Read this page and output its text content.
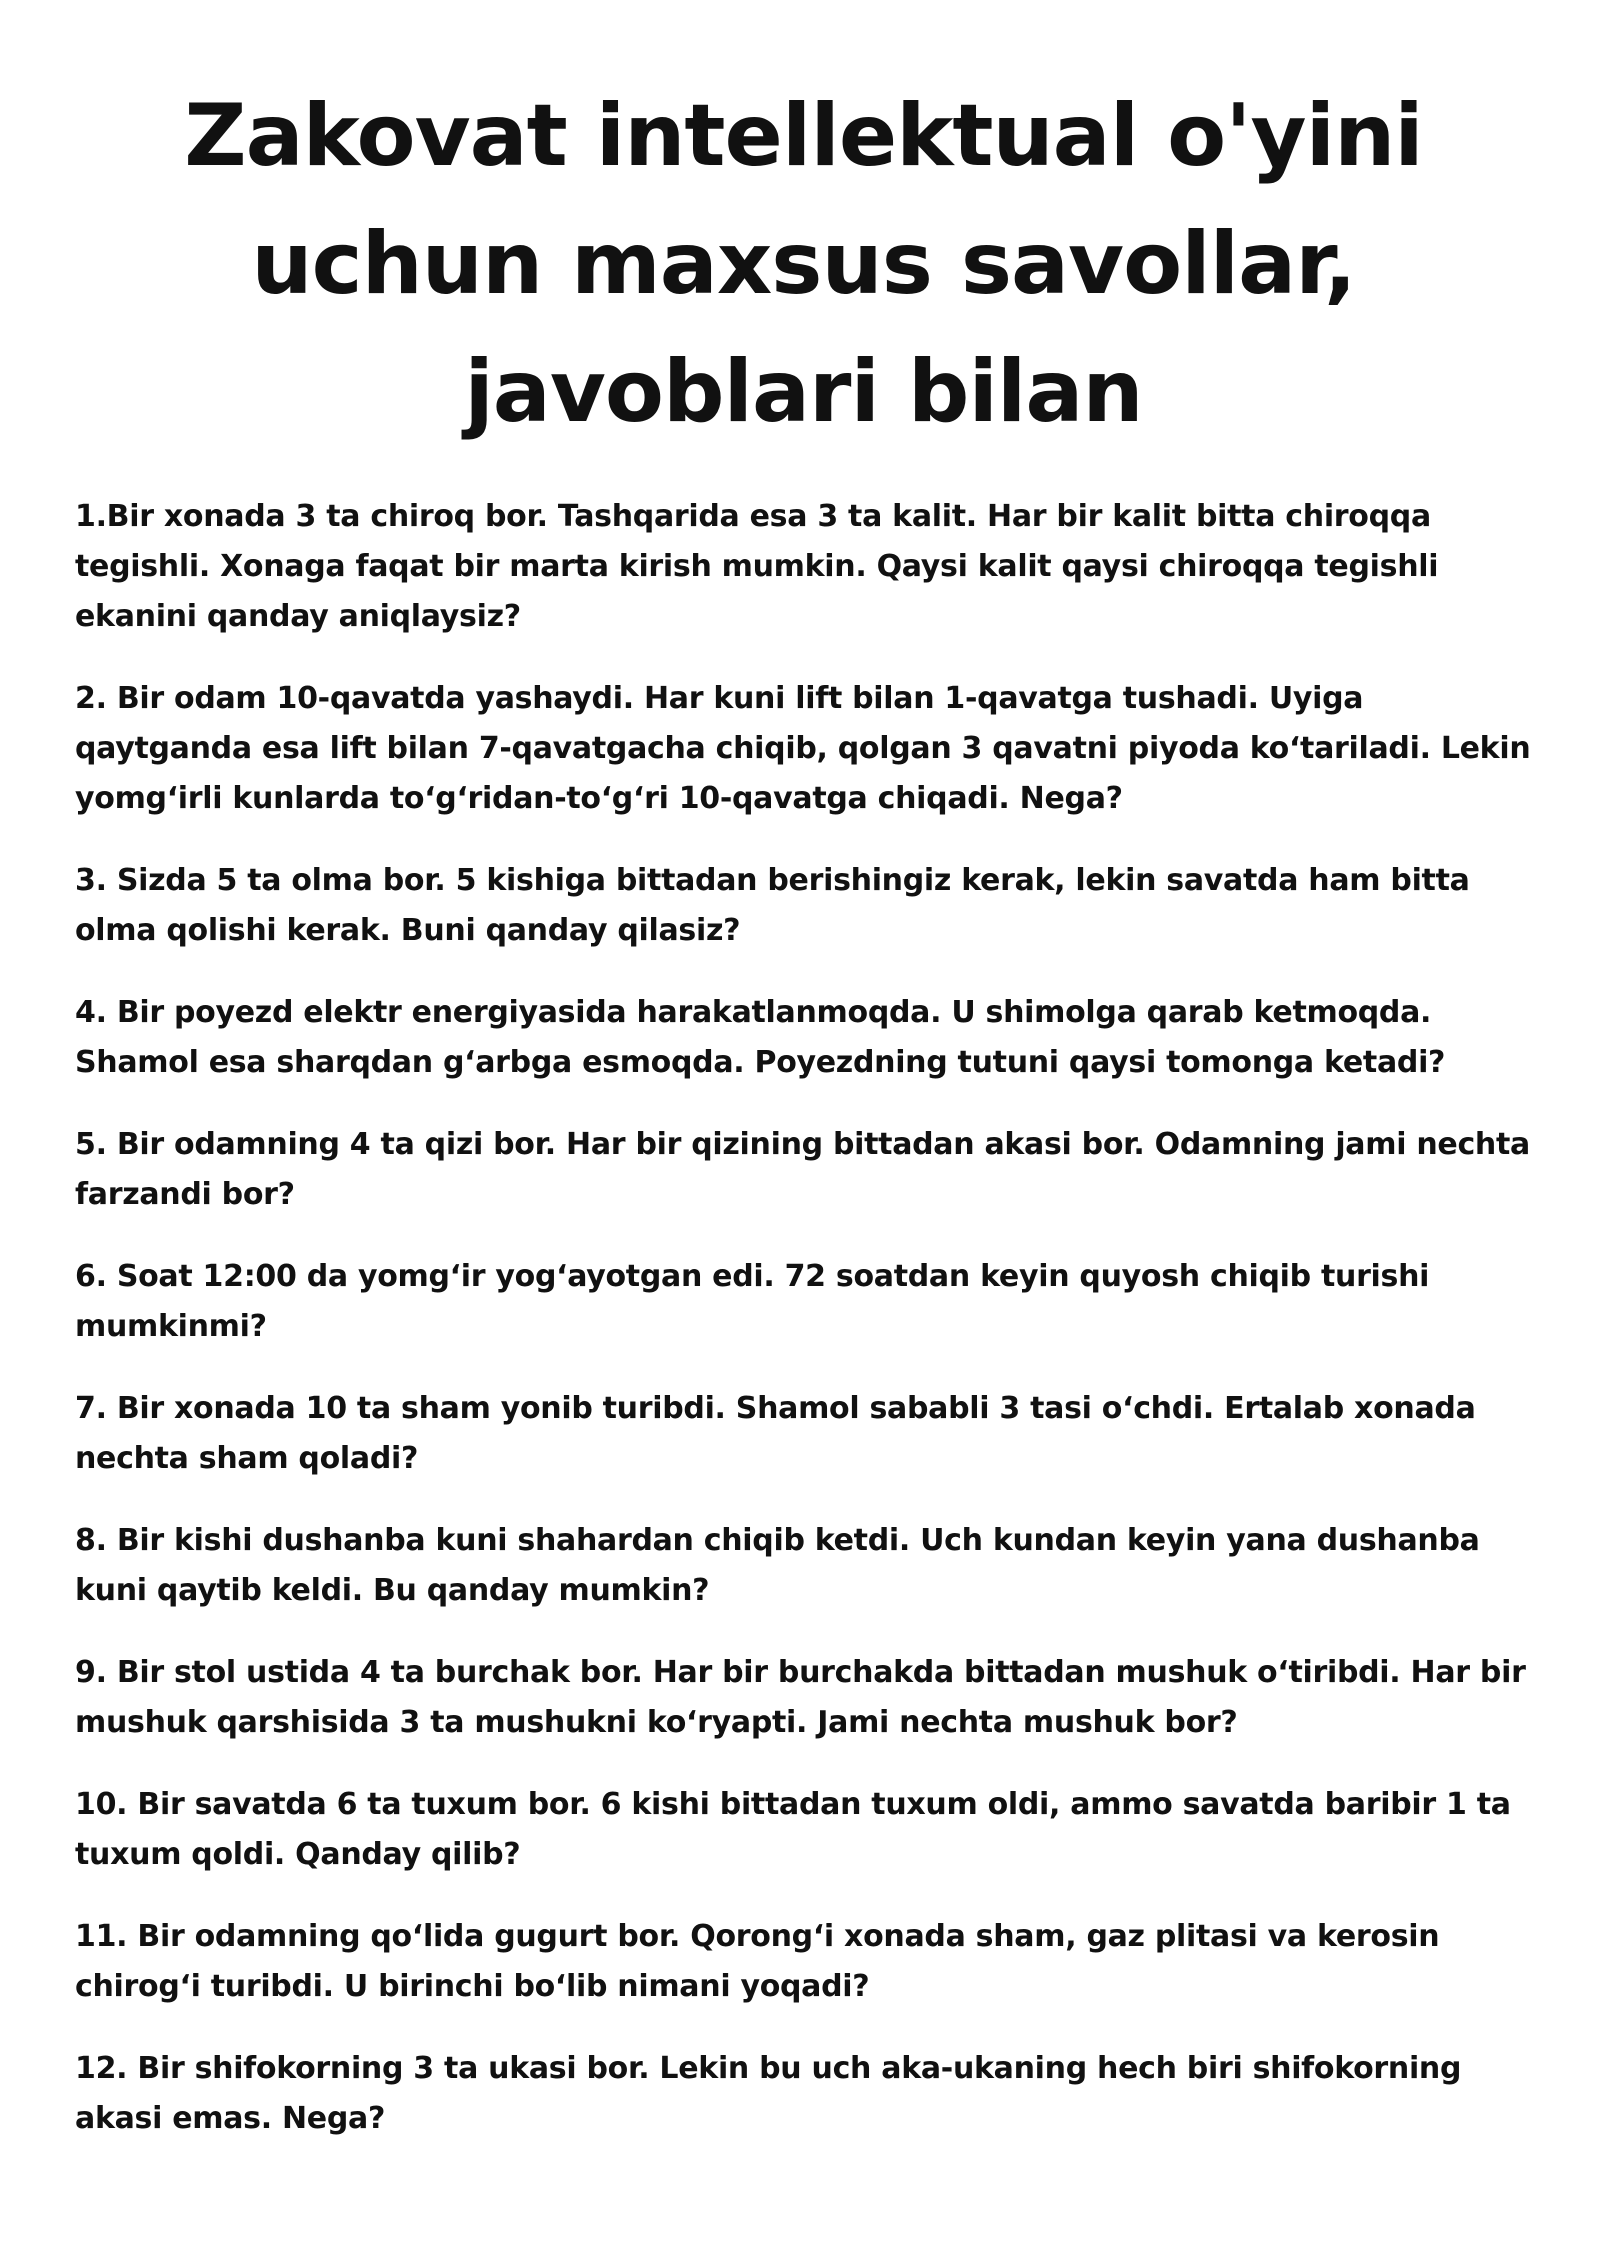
Zakovat intellektual o'yini
uchun maxsus savollar,
javoblari bilan
1.Bir xonada 3 ta chiroq bor. Tashqarida esa 3 ta kalit. Har bir kalit bitta chiroqqa tegishli. Xonaga faqat bir marta kirish mumkin. Qaysi kalit qaysi chiroqqa tegishli ekanini qanday aniqlaysiz?
2. Bir odam 10-qavatda yashaydi. Har kuni lift bilan 1-qavatga tushadi. Uyiga qaytganda esa lift bilan 7-qavatgacha chiqib, qolgan 3 qavatni piyoda ko‘tariladi. Lekin yomg‘irli kunlarda to‘g‘ridan-to‘g‘ri 10-qavatga chiqadi. Nega?
3. Sizda 5 ta olma bor. 5 kishiga bittadan berishingiz kerak, lekin savatda ham bitta olma qolishi kerak. Buni qanday qilasiz?
4. Bir poyezd elektr energiyasida harakatlanmoqda. U shimolga qarab ketmoqda. Shamol esa sharqdan g‘arbga esmoqda. Poyezdning tutuni qaysi tomonga ketadi?
5. Bir odamning 4 ta qizi bor. Har bir qizining bittadan akasi bor. Odamning jami nechta farzandi bor?
6. Soat 12:00 da yomg‘ir yog‘ayotgan edi. 72 soatdan keyin quyosh chiqib turishi mumkinmi?
7. Bir xonada 10 ta sham yonib turibdi. Shamol sababli 3 tasi o‘chdi. Ertalab xonada nechta sham qoladi?
8. Bir kishi dushanba kuni shahardan chiqib ketdi. Uch kundan keyin yana dushanba kuni qaytib keldi. Bu qanday mumkin?
9. Bir stol ustida 4 ta burchak bor. Har bir burchakda bittadan mushuk o‘tiribdi. Har bir mushuk qarshisida 3 ta mushukni ko‘ryapti. Jami nechta mushuk bor?
10. Bir savatda 6 ta tuxum bor. 6 kishi bittadan tuxum oldi, ammo savatda baribir 1 ta tuxum qoldi. Qanday qilib?
11. Bir odamning qo‘lida gugurt bor. Qorong‘i xonada sham, gaz plitasi va kerosin chirog‘i turibdi. U birinchi bo‘lib nimani yoqadi?
12. Bir shifokorning 3 ta ukasi bor. Lekin bu uch aka-ukaning hech biri shifokorning akasi emas. Nega?
